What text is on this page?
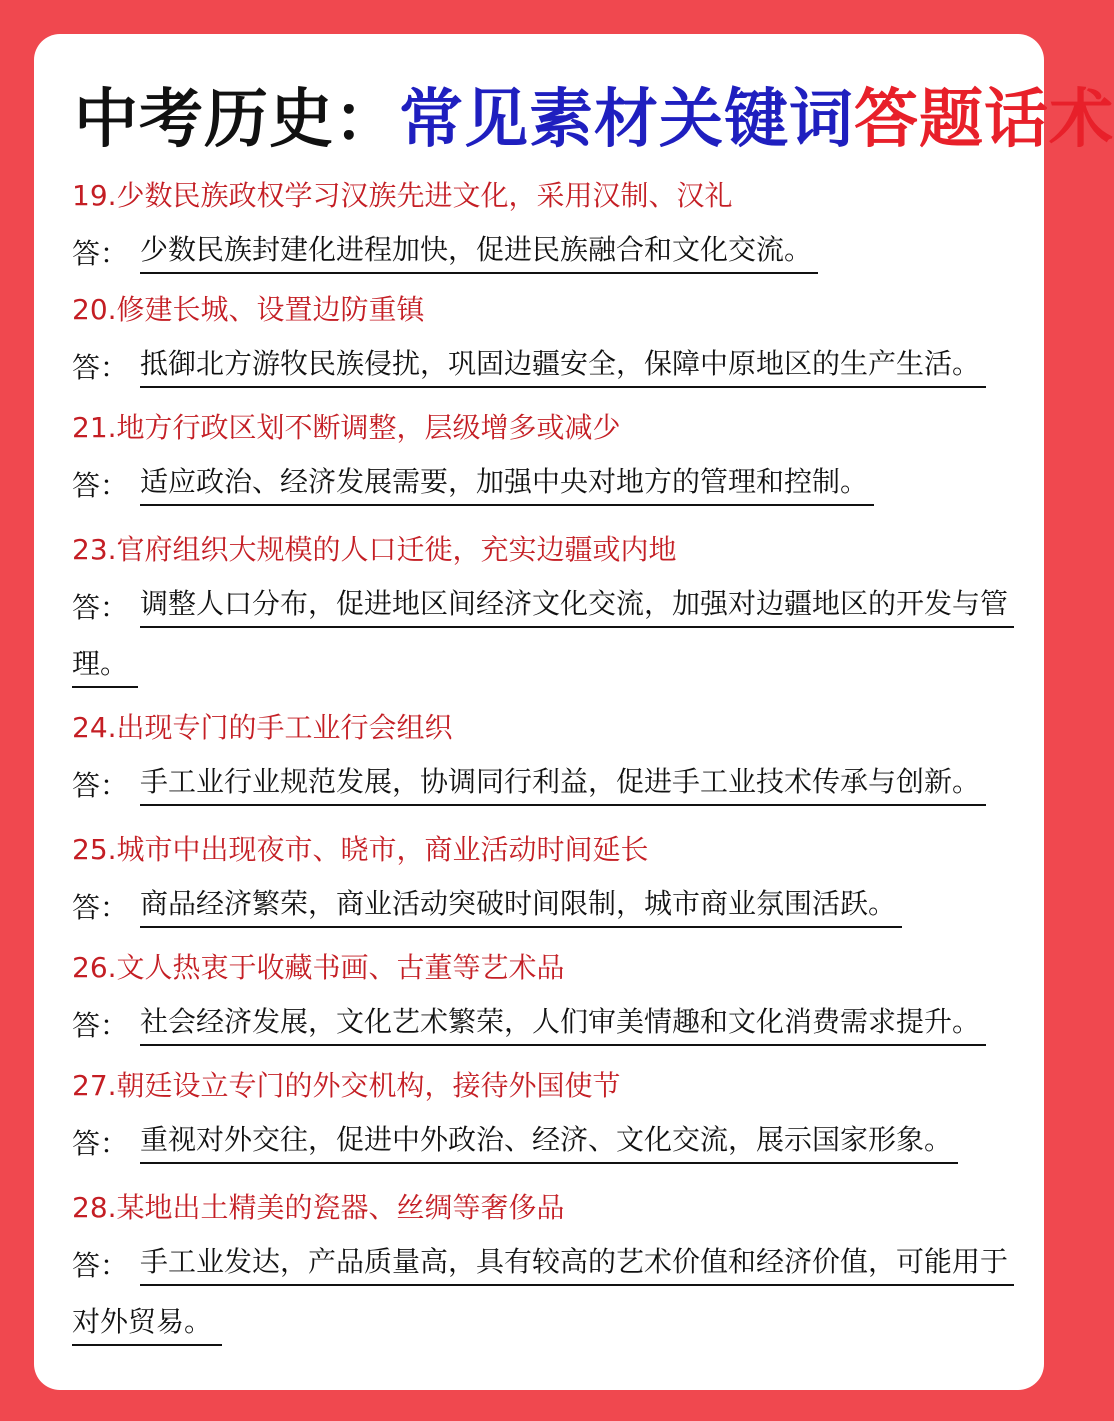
中考历史：常见素材关键词答题话术
19.少数民族政权学习汉族先进文化，采用汉制、汉礼
答： 少数民族封建化进程加快，促进民族融合和文化交流。
20.修建长城、设置边防重镇
答： 抵御北方游牧民族侵扰，巩固边疆安全，保障中原地区的生产生活。
21.地方行政区划不断调整，层级增多或减少
答： 适应政治、经济发展需要，加强中央对地方的管理和控制。
23.官府组织大规模的人口迁徙，充实边疆或内地
答： 调整人口分布，促进地区间经济文化交流，加强对边疆地区的开发与管
理。
24.出现专门的手工业行会组织
答： 手工业行业规范发展，协调同行利益，促进手工业技术传承与创新。
25.城市中出现夜市、晓市，商业活动时间延长
答： 商品经济繁荣，商业活动突破时间限制，城市商业氛围活跃。
26.文人热衷于收藏书画、古董等艺术品
答： 社会经济发展，文化艺术繁荣，人们审美情趣和文化消费需求提升。
27.朝廷设立专门的外交机构，接待外国使节
答： 重视对外交往，促进中外政治、经济、文化交流，展示国家形象。
28.某地出土精美的瓷器、丝绸等奢侈品
答： 手工业发达，产品质量高，具有较高的艺术价值和经济价值，可能用于
对外贸易。
